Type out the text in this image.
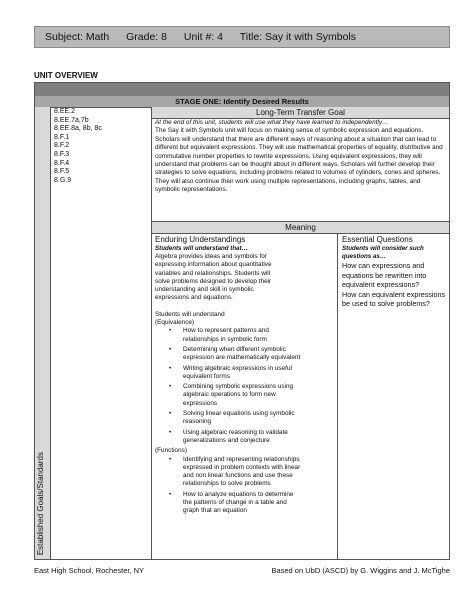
Subject: Math Grade: 8 Unit #: 4 Title: Say it with Symbols
UNIT OVERVIEW
STAGE ONE: Identify Desired Results
Established Goals/Standards
8.EE.2
8.EE.7a,7b
8.EE.8a, 8b, 8c
8.F.1
8.F.2
8.F.3
8.F.4
8.F.5
8.G.9
Long-Term Transfer Goal
At the end of this unit, students will use what they have learned to independently…
The Say it with Symbols unit will focus on making sense of symbolic expression and equations. Scholars will understand that there are different ways of reasoning about a situation that can lead to different but equivalent expressions. They will use mathematical properties of equality, distributive and commutative number properties to rewrite expressions. Using equivalent expressions, they will understand that problems can be thought about in different ways. Scholars will further develop their strategies to solve equations, including problems related to volumes of cylinders, cones and spheres. They will also continue their work using multiple representations, including graphs, tables, and symbolic representations.
Meaning
Enduring Understandings
Students will understand that…
Algebra provides ideas and symbols for expressing information about quantitative variables and relationships. Students will solve problems designed to develop their understanding and skill in symbolic expressions and equations.
Students will understand
(Equivalence)
• How to represent patterns and relationships in symbolic form
• Determining when different symbolic expression are mathematically equivalent
• Writing algebraic expressions in useful equivalent forms
• Combining symbolic expressions using algebraic operations to form new expressions
• Solving linear equations using symbolic reasoning
• Using algebraic reasoning to validate generalizations and conjecture
(Functions)
• Identifying and representing relationships expressed in problem contexts with linear and non linear functions and use these relationships to solve problems
• How to analyze equations to determine the patterns of change in a table and graph that an equation
Essential Questions
Students will consider such questions as…
How can expressions and equations be rewritten into equivalent expressions?
How can equivalent expressions be used to solve problems?
East High School, Rochester, NY	Based on UbD (ASCD) by G. Wiggins and J. McTighe
